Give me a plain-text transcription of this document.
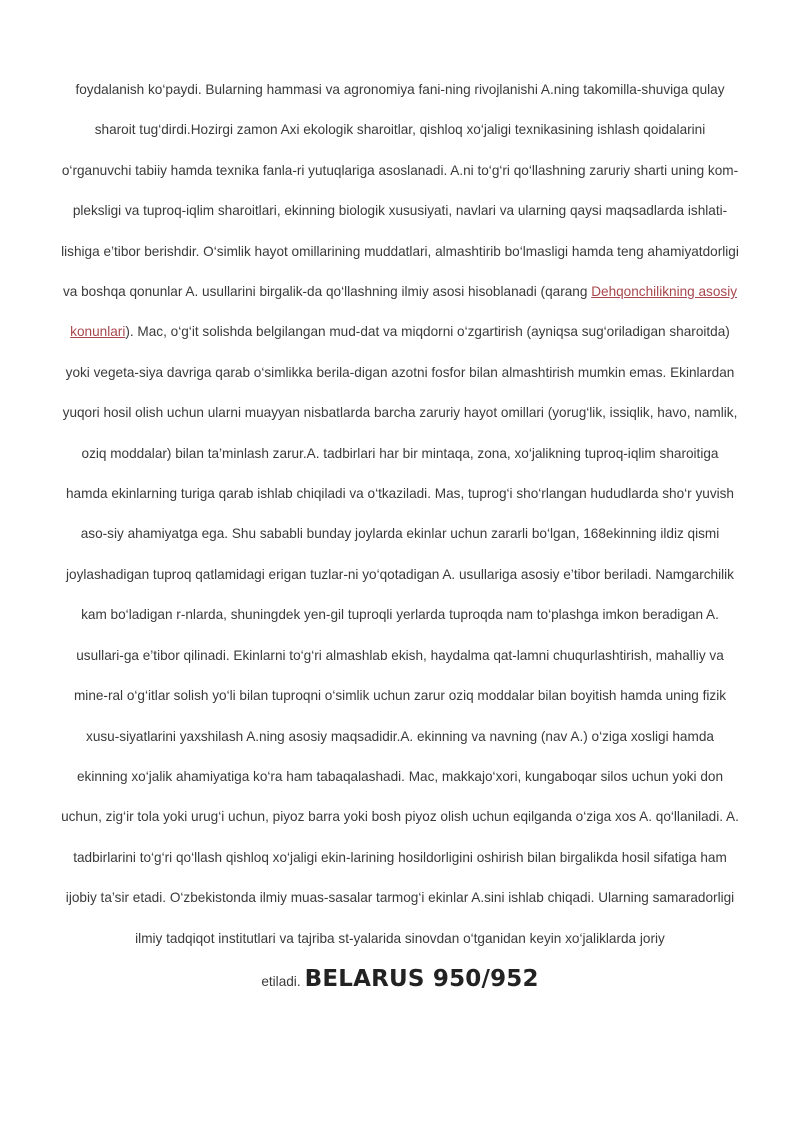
foydalanish ko‘paydi. Bularning hammasi va agronomiya fani-ning rivojlanishi A.ning takomilla-shuviga qulay sharoit tug‘dirdi.Hozirgi zamon Axi ekologik sharoitlar, qishloq xo‘jaligi texnikasining ishlash qoidalarini o‘rganuvchi tabiiy hamda texnika fanla-ri yutuqlariga asoslanadi. A.ni to‘g‘ri qo‘llashning zaruriy sharti uning kom-pleksligi va tuproq-iqlim sharoitlari, ekinning biologik xususiyati, navlari va ularning qaysi maqsadlarda ishlati-lishiga e’tibor berishdir. O‘simlik hayot omillarining muddatlari, almashtirib bo‘lmasligi hamda teng ahamiyatdorligi va boshqa qonunlar A. usullarini birgalik-da qo‘llashning ilmiy asosi hisoblanadi (qarang Dehqonchilikning asosiy konunlari). Mac, o‘g‘it solishda belgilangan mud-dat va miqdorni o‘zgartirish (ayniqsa sug‘oriladigan sharoitda) yoki vegeta-siya davriga qarab o‘simlikka berila-digan azotni fosfor bilan almashtirish mumkin emas. Ekinlardan yuqori hosil olish uchun ularni muayyan nisbatlarda barcha zaruriy hayot omillari (yorug‘lik, issiqlik, havo, namlik, oziq moddalar) bilan ta’minlash zarur.A. tadbirlari har bir mintaqa, zona, xo‘jalikning tuproq-iqlim sharoitiga hamda ekinlarning turiga qarab ishlab chiqiladi va o‘tkaziladi. Mas, tuprog‘i sho‘rlangan hududlarda sho‘r yuvish aso-siy ahamiyatga ega. Shu sababli bunday joylarda ekinlar uchun zararli bo‘lgan, 168ekinning ildiz qismi joylashadigan tuproq qatlamidagi erigan tuzlar-ni yo‘qotadigan A. usullariga asosiy e’tibor beriladi. Namgarchilik kam bo‘ladigan r-nlarda, shuningdek yen-gil tuproqli yerlarda tuproqda nam to‘plashga imkon beradigan A. usullari-ga e’tibor qilinadi. Ekinlarni to‘g‘ri almashlab ekish, haydalma qat-lamni chuqurlashtirish, mahalliy va mine-ral o‘g‘itlar solish yo‘li bilan tuproqni o‘simlik uchun zarur oziq moddalar bilan boyitish hamda uning fizik xusu-siyatlarini yaxshilash A.ning asosiy maqsadidir.A. ekinning va navning (nav A.) o‘ziga xosligi hamda ekinning xo‘jalik ahamiyatiga ko‘ra ham tabaqalashadi. Mac, makkajo‘xori, kungaboqar silos uchun yoki don uchun, zig‘ir tola yoki urug‘i uchun, piyoz barra yoki bosh piyoz olish uchun eqilganda o‘ziga xos A. qo‘llaniladi. A. tadbirlarini to‘g‘ri qo‘llash qishloq xo‘jaligi ekin-larining hosildorligini oshirish bilan birgalikda hosil sifatiga ham ijobiy ta’sir etadi. O‘zbekistonda ilmiy muas-sasalar tarmog‘i ekinlar A.sini ishlab chiqadi. Ularning samaradorligi ilmiy tadqiqot institutlari va tajriba st-yalarida sinovdan o‘tganidan keyin xo‘jaliklarda joriy etiladi. BELARUS 950/952
